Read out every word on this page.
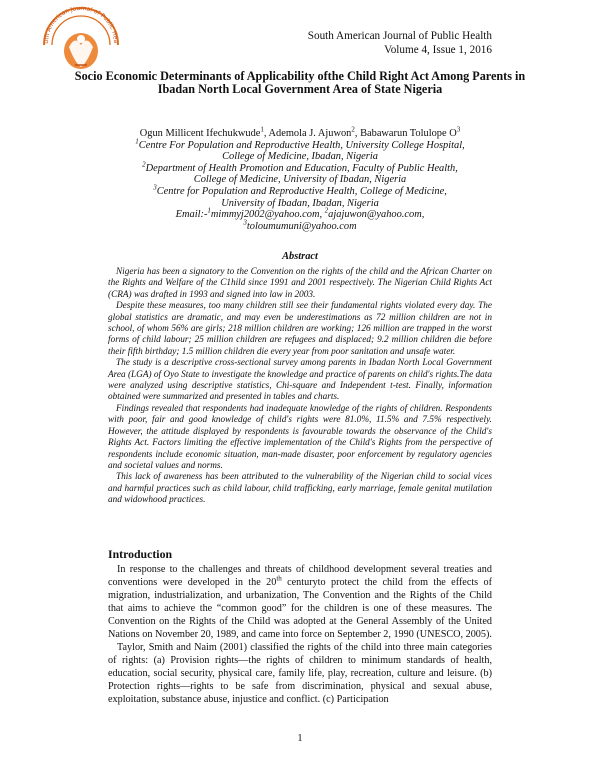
uth American Journal of Public Hea	South American Journal of Public Health
Volume 4, Issue 1, 2016
Socio Economic Determinants of Applicability ofthe Child Right Act Among Parents in Ibadan North Local Government Area of State Nigeria
Ogun Millicent Ifechukwude$^1$, Ademola J. Ajuwon$^2$, Babawarun Tolulope $O^3$
$^1$Centre For Population and Reproductive Health, University College Hospital,
College of Medicine, Ibadan, Nigeria
$^2$Department of Health Promotion and Education, Faculty of Public Health,
College of Medicine, University of Ibadan, Nigeria
$^3$Centre for Population and Reproductive Health, College of Medicine,
University of Ibadan, Ibadan, Nigeria
Email:-$^1$mimmyj2002@yahoo.com, $^2$ajajuwon@yahoo.com,
$^3$toloumumuni@yahoo.com
Abstract

Nigeria has been a signatory to the Convention on the rights of the child and the African Charter on the Rights and Welfare of the C1hild since 1991 and 2001 respectively. The Nigerian Child Rights Act (CRA) was drafted in 1993 and signed into law in 2003.

Despite these measures, too many children still see their fundamental rights violated every day. The global statistics are dramatic, and may even be underestimations as 72 million children are not in school, of whom 56% are girls; 218 million children are working; 126 million are trapped in the worst forms of child labour; 25 million children are refugees and displaced; 9.2 million children die before their fifth birthday; 1.5 million children die every year from poor sanitation and unsafe water.

The study is a descriptive cross-sectional survey among parents in Ibadan North Local Government Area (LGA) of Oyo State to investigate the knowledge and practice of parents on child's rights.The data were analyzed using descriptive statistics, Chi-square and Independent t-test. Finally, information obtained were summarized and presented in tables and charts.

Findings revealed that respondents had inadequate knowledge of the rights of children. Respondents with poor, fair and good knowledge of child's rights were 81.0%, 11.5% and 7.5% respectively. However, the attitude displayed by respondents is favourable towards the observance of the Child's Rights Act. Factors limiting the effective implementation of the Child's Rights from the perspective of respondents include economic situation, man-made disaster, poor enforcement by regulatory agencies and societal values and norms.

This lack of awareness has been attributed to the vulnerability of the Nigerian child to social vices and harmful practices such as child labour, child trafficking, early marriage, female genital mutilation and widowhood practices.

Introduction

In response to the challenges and threats of childhood development several treaties and conventions were developed in the 20th centuryto protect the child from the effects of migration, industrialization, and urbanization, The Convention and the Rights of the Child that aims to achieve the “common good” for the children is one of these measures. The Convention on the Rights of the Child was adopted at the General Assembly of the United Nations on November 20, 1989, and came into force on September 2, 1990 (UNESCO, 2005).

Taylor, Smith and Naim (2001) classified the rights of the child into three main categories of rights: (a) Provision rights—the rights of children to minimum standards of health, education, social security, physical care, family life, play, recreation, culture and leisure. (b) Protection rights—rights to be safe from discrimination, physical and sexual abuse, exploitation, substance abuse, injustice and conflict. (c) Participation

1
